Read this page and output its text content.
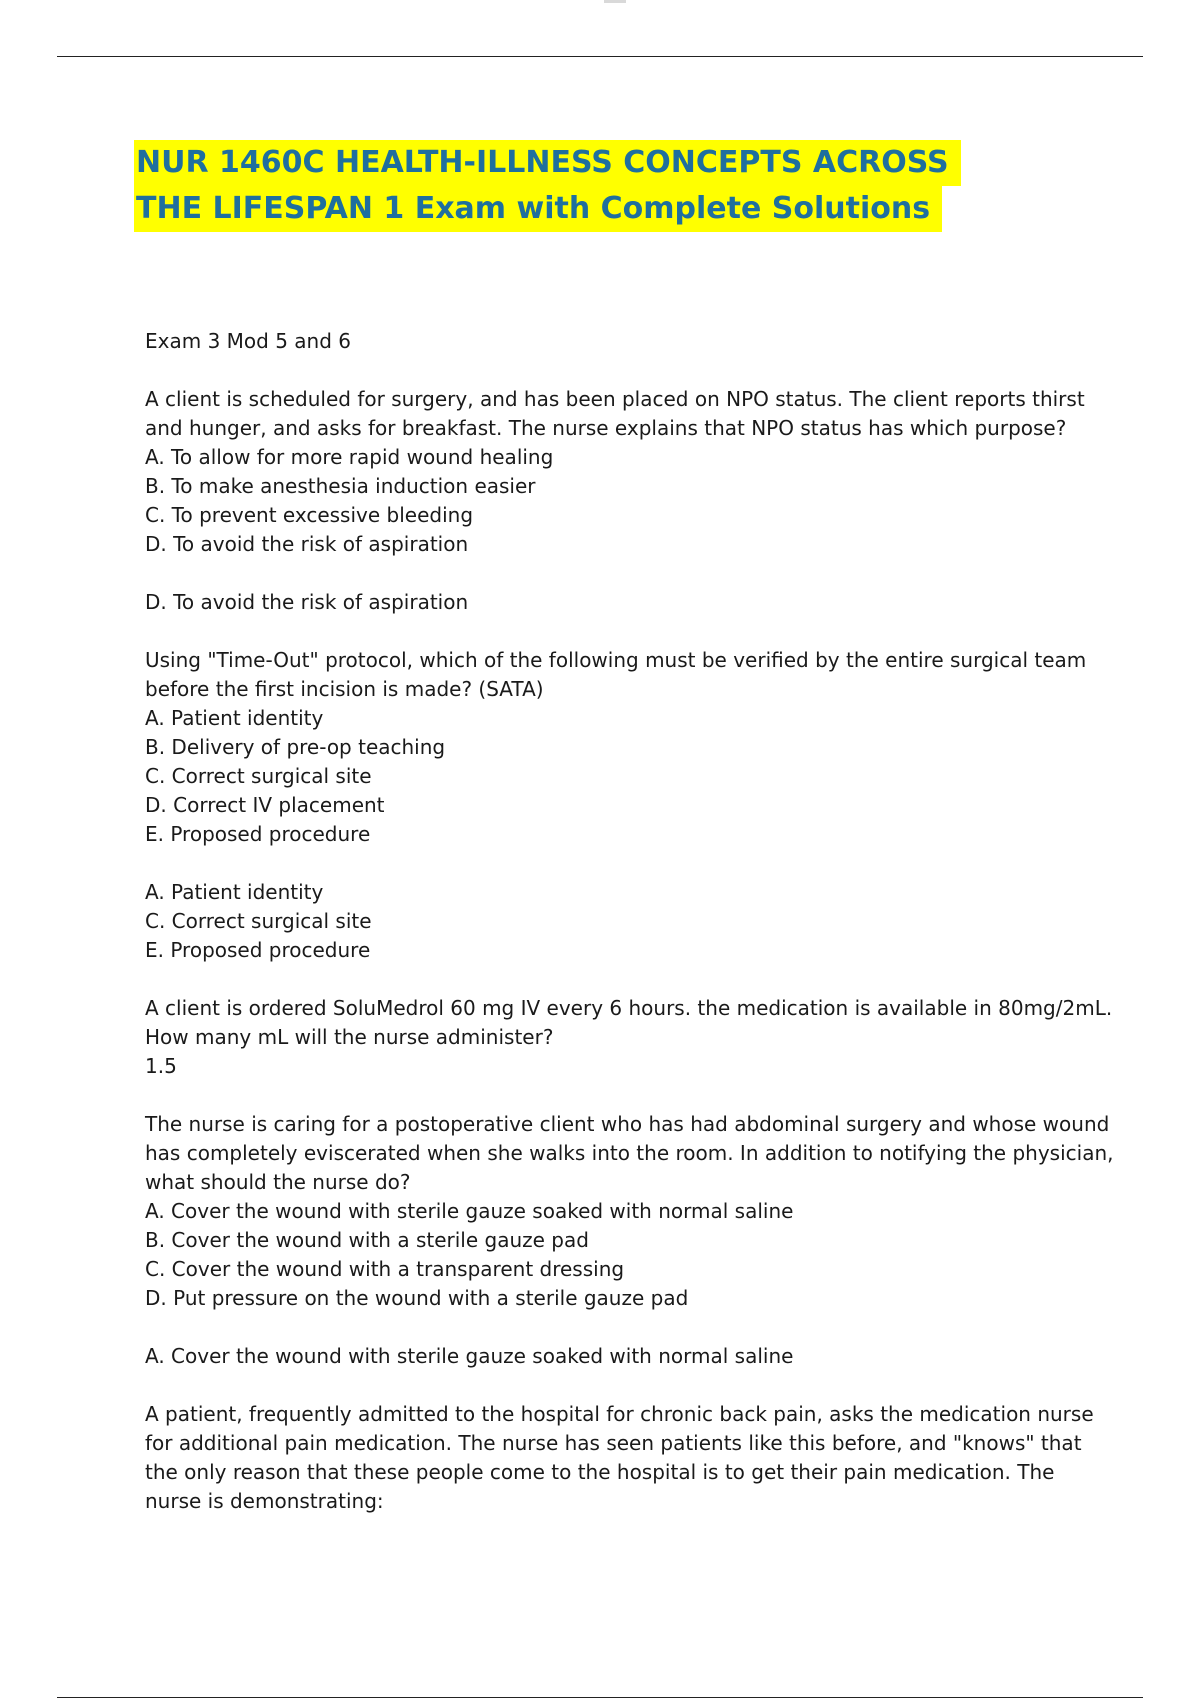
NUR 1460C HEALTH-ILLNESS CONCEPTS ACROSS
THE LIFESPAN 1 Exam with Complete Solutions

Exam 3 Mod 5 and 6

A client is scheduled for surgery, and has been placed on NPO status. The client reports thirst

and hunger, and asks for breakfast. The nurse explains that NPO status has which purpose?

A. To allow for more rapid wound healing

B. To make anesthesia induction easier

C. To prevent excessive bleeding

D. To avoid the risk of aspiration

D. To avoid the risk of aspiration

Using "Time-Out" protocol, which of the following must be verified by the entire surgical team

before the first incision is made? (SATA)

A. Patient identity

B. Delivery of pre-op teaching

C. Correct surgical site

D. Correct IV placement

E. Proposed procedure

A. Patient identity

C. Correct surgical site

E. Proposed procedure

A client is ordered SoluMedrol 60 mg IV every 6 hours. the medication is available in 80mg/2mL.

How many mL will the nurse administer?

1.5

The nurse is caring for a postoperative client who has had abdominal surgery and whose wound

has completely eviscerated when she walks into the room. In addition to notifying the physician,

what should the nurse do?

A. Cover the wound with sterile gauze soaked with normal saline

B. Cover the wound with a sterile gauze pad

C. Cover the wound with a transparent dressing

D. Put pressure on the wound with a sterile gauze pad

A. Cover the wound with sterile gauze soaked with normal saline

A patient, frequently admitted to the hospital for chronic back pain, asks the medication nurse

for additional pain medication. The nurse has seen patients like this before, and "knows" that

the only reason that these people come to the hospital is to get their pain medication. The

nurse is demonstrating:
